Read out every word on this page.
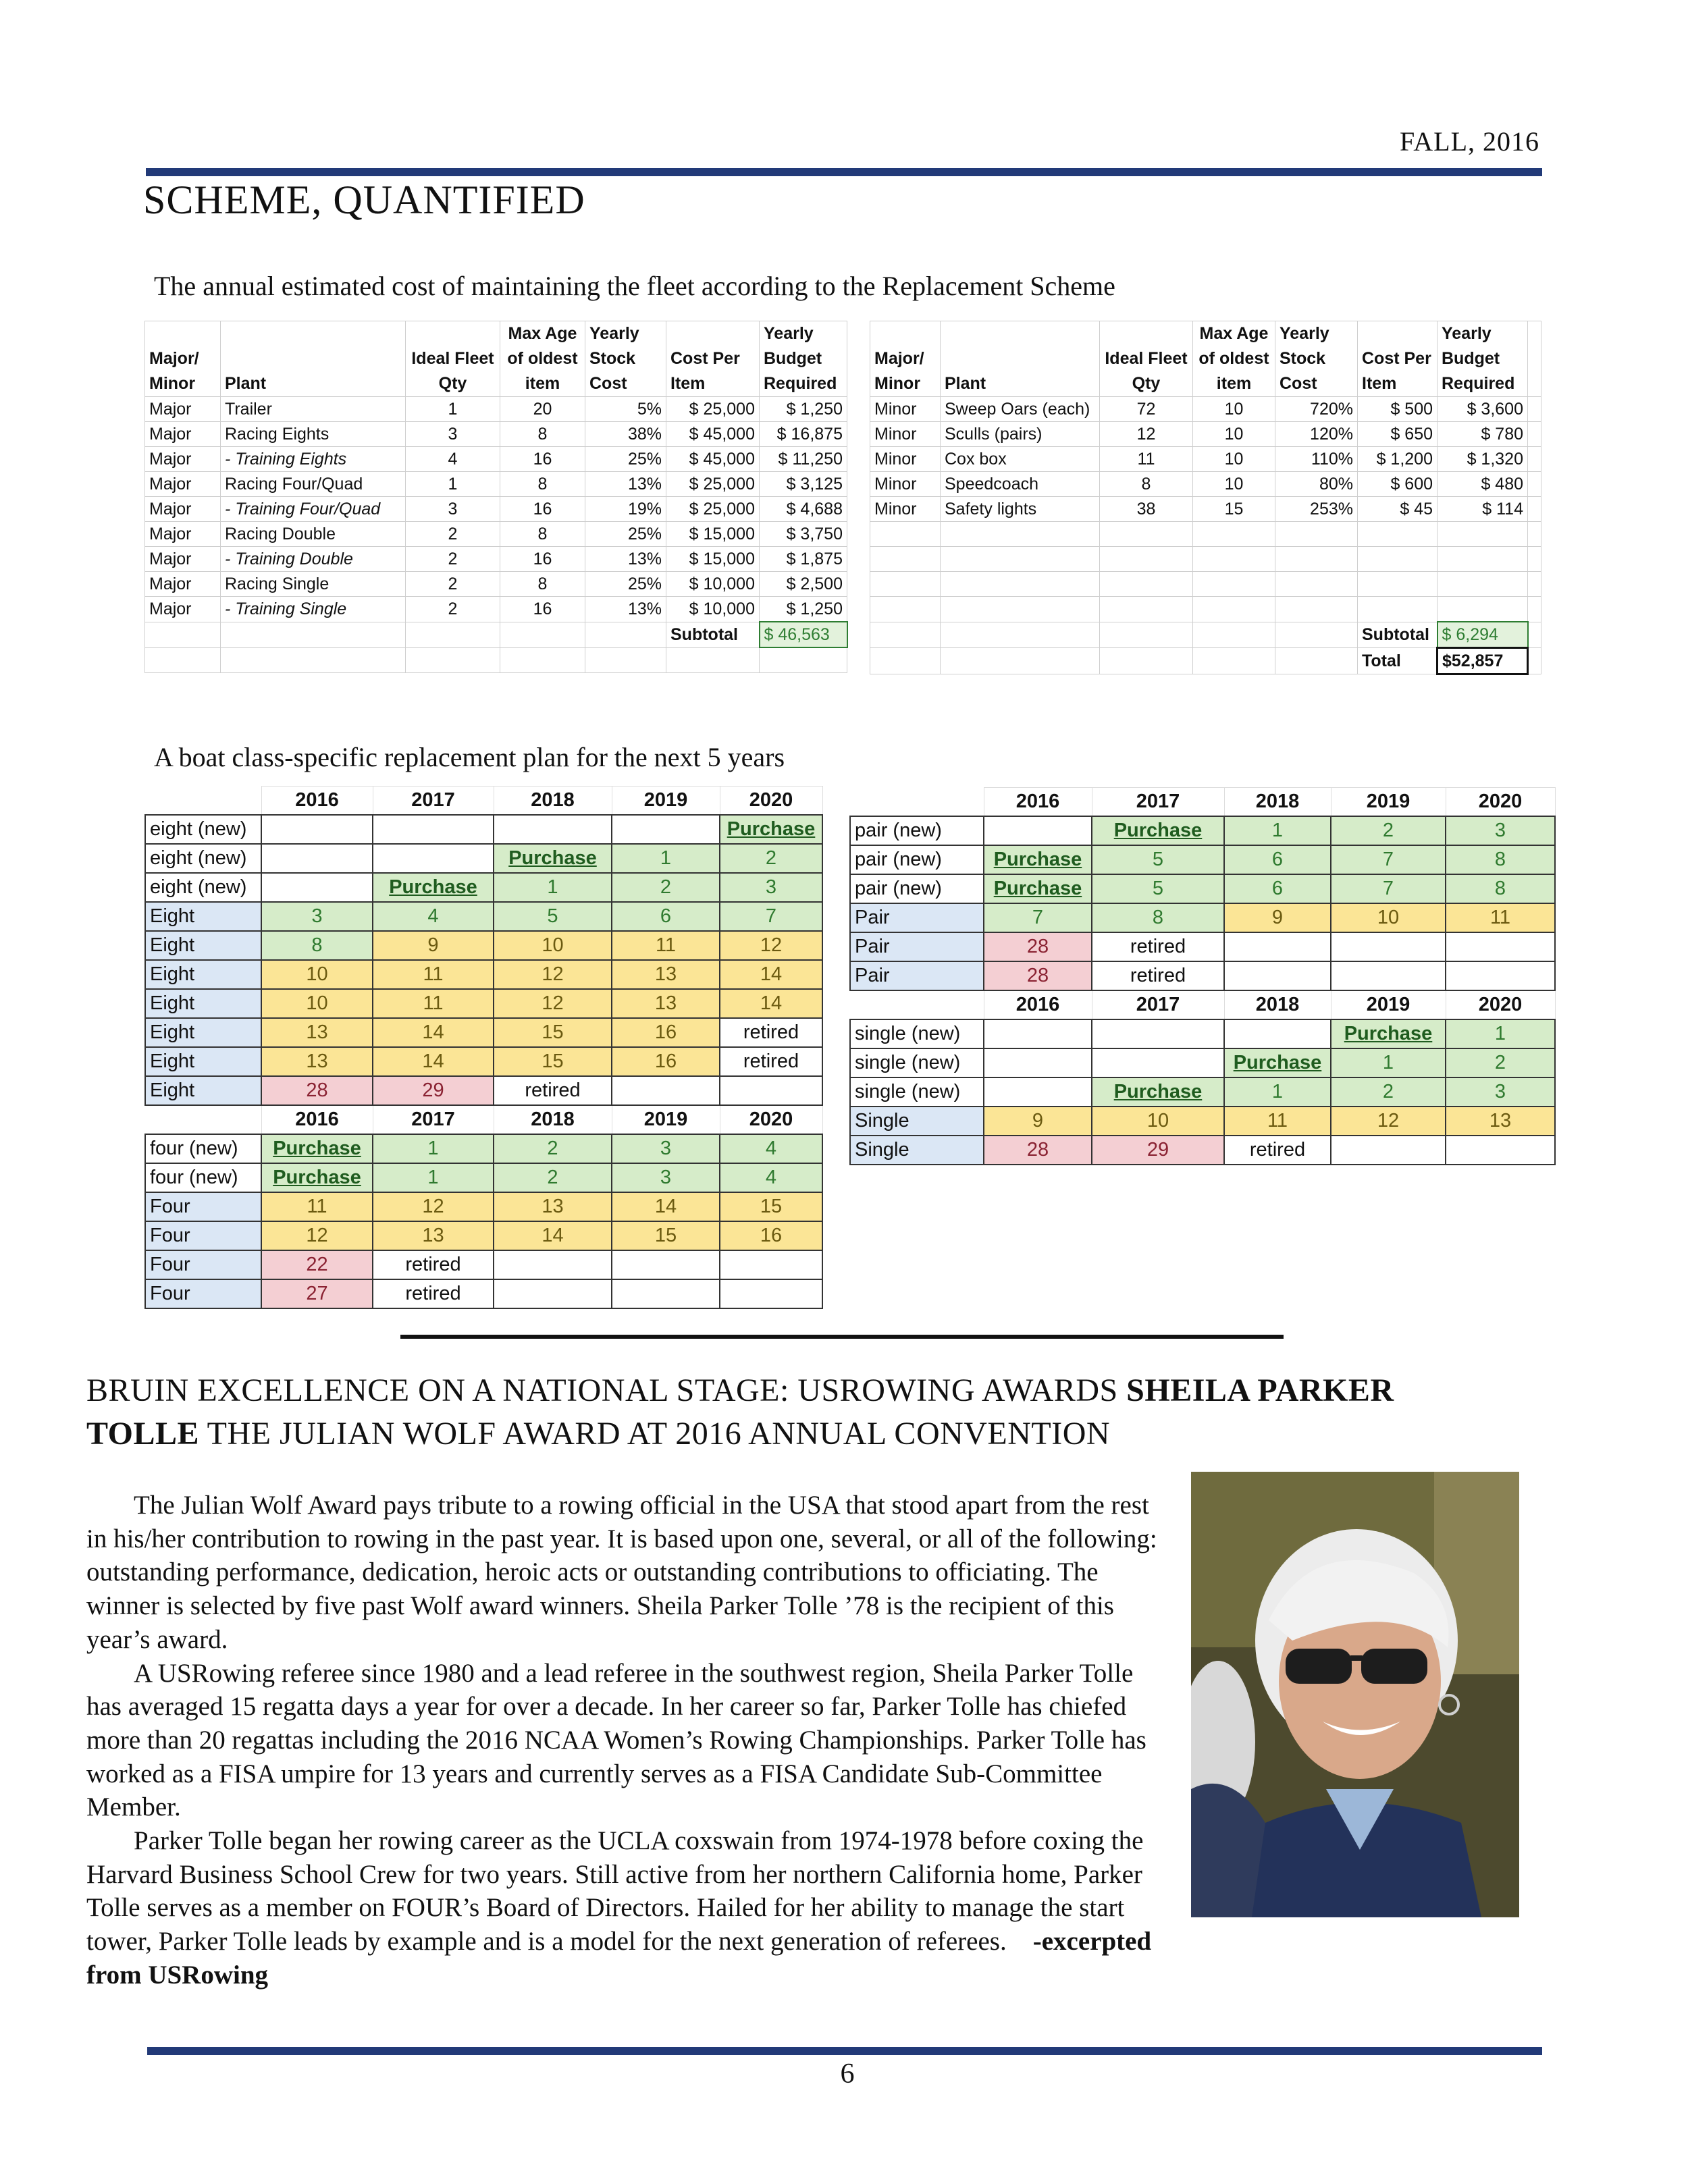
FALL, 2016
SCHEME, QUANTIFIED
The annual estimated cost of maintaining the fleet according to the Replacement Scheme
Major/
Minor	Plant	Ideal Fleet Qty	Max Age of oldest item	Yearly Stock Cost	Cost Per Item	Yearly Budget Required
Major	Trailer	1	20	5%	$ 25,000	$ 1,250
Major	Racing Eights	3	8	38%	$ 45,000	$ 16,875
Major	- Training Eights	4	16	25%	$ 45,000	$ 11,250
Major	Racing Four/Quad	1	8	13%	$ 25,000	$ 3,125
Major	- Training Four/Quad	3	16	19%	$ 25,000	$ 4,688
Major	Racing Double	2	8	25%	$ 15,000	$ 3,750
Major	- Training Double	2	16	13%	$ 15,000	$ 1,875
Major	Racing Single	2	8	25%	$ 10,000	$ 2,500
Major	- Training Single	2	16	13%	$ 10,000	$ 1,250
					Subtotal	$ 46,563

Major/
Minor	Plant	Ideal Fleet Qty	Max Age of oldest item	Yearly Stock Cost	Cost Per Item	Yearly Budget Required	
Minor	Sweep Oars (each)	72	10	720%	$ 500	$ 3,600	
Minor	Sculls (pairs)	12	10	120%	$ 650	$ 780	
Minor	Cox box	11	10	110%	$ 1,200	$ 1,320	
Minor	Speedcoach	8	10	80%	$ 600	$ 480	
Minor	Safety lights	38	15	253%	$ 45	$ 114	

					Subtotal	$ 6,294	
					Total	$52,857	
A boat class-specific replacement plan for the next 5 years
	2016	2017	2018	2019	2020
eight (new)					Purchase
eight (new)			Purchase	1	2
eight (new)		Purchase	1	2	3
Eight	3	4	5	6	7
Eight	8	9	10	11	12
Eight	10	11	12	13	14
Eight	10	11	12	13	14
Eight	13	14	15	16	retired
Eight	13	14	15	16	retired
Eight	28	29	retired		
	2016	2017	2018	2019	2020
four (new)	Purchase	1	2	3	4
four (new)	Purchase	1	2	3	4
Four	11	12	13	14	15
Four	12	13	14	15	16
Four	22	retired			
Four	27	retired			
	2016	2017	2018	2019	2020
pair (new)		Purchase	1	2	3
pair (new)	Purchase	5	6	7	8
pair (new)	Purchase	5	6	7	8
Pair	7	8	9	10	11
Pair	28	retired			
Pair	28	retired			
	2016	2017	2018	2019	2020
single (new)				Purchase	1
single (new)			Purchase	1	2
single (new)		Purchase	1	2	3
Single	9	10	11	12	13
Single	28	29	retired		
BRUIN EXCELLENCE ON A NATIONAL STAGE: USROWING AWARDS SHEILA PARKER TOLLE THE JULIAN WOLF AWARD AT 2016 ANNUAL CONVENTION

The Julian Wolf Award pays tribute to a rowing official in the USA that stood apart from the rest in his/her contribution to rowing in the past year. It is based upon one, several, or all of the following: outstanding performance, dedication, heroic acts or outstanding contributions to officiating. The winner is selected by five past Wolf award winners. Sheila Parker Tolle ’78 is the recipient of this year’s award.

A USRowing referee since 1980 and a lead referee in the southwest region, Sheila Parker Tolle has averaged 15 regatta days a year for over a decade. In her career so far, Parker Tolle has chiefed more than 20 regattas including the 2016 NCAA Women’s Rowing Championships. Parker Tolle has worked as a FISA umpire for 13 years and currently serves as a FISA Candidate Sub-Committee Member.

Parker Tolle began her rowing career as the UCLA coxswain from 1974-1978 before coxing the Harvard Business School Crew for two years. Still active from her northern California home, Parker Tolle serves as a member on FOUR’s Board of Directors. Hailed for her ability to manage the start tower, Parker Tolle leads by example and is a model for the next generation of referees. -excerpted from USRowing

6
